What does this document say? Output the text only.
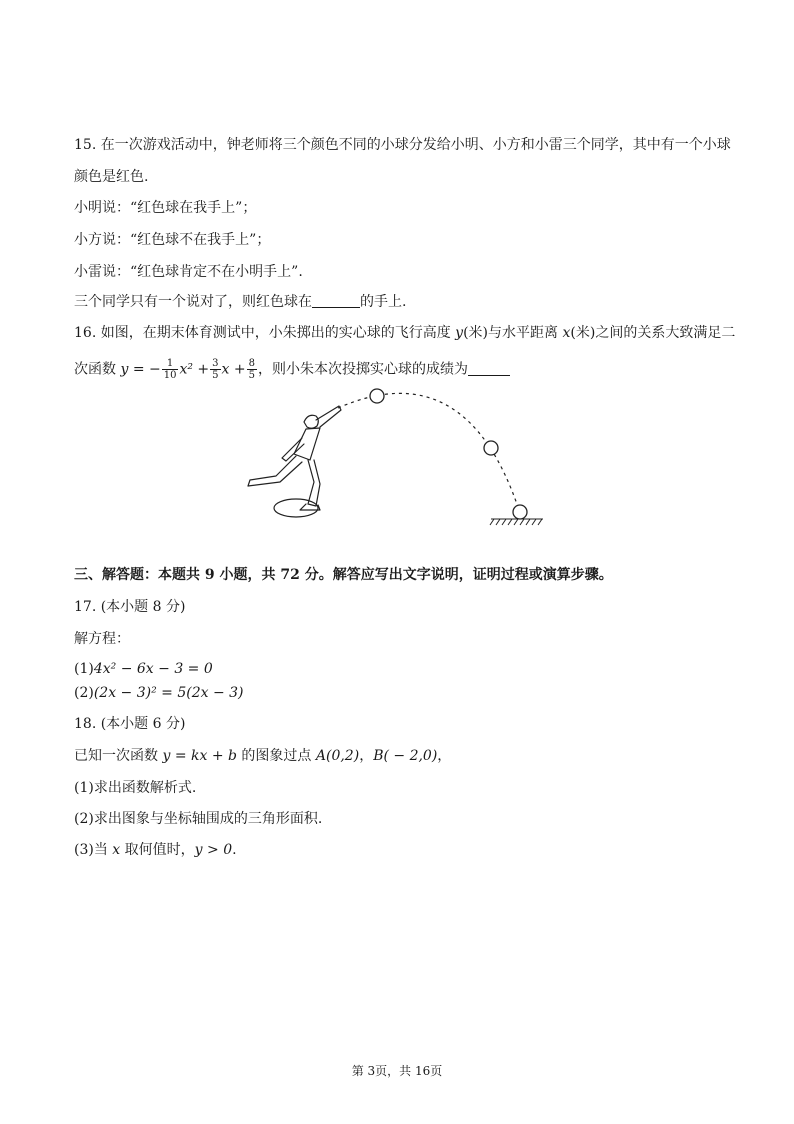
15. 在一次游戏活动中，钟老师将三个颜色不同的小球分发给小明、小方和小雷三个同学，其中有一个小球
颜色是红色.
小明说：“红色球在我手上”；
小方说：“红色球不在我手上”；
小雷说：“红色球肯定不在小明手上”.
三个同学只有一个说对了，则红色球在	的手上.
16. 如图，在期末体育测试中，小朱掷出的实心球的飞行高度 y(米)与水平距离 x(米)之间的关系大致满足二
次函数 y = − $\frac{1}{10} x^2 + \frac{3}{5}$ $x + \frac{8}{5}$ ，则小朱本次投掷实心球的成绩为
三、解答题：本题共 9 小题，共 72 分。解答应写出文字说明，证明过程或演算步骤。
17. (本小题 8 分)
解方程：
(1)4x² − 6x − 3 = 0
(2)(2x − 3)² = 5(2x − 3)
18. (本小题 6 分)
已知一次函数 y = kx + b 的图象过点 A(0,2)，B( − 2,0)，
(1)求出函数解析式.
(2)求出图象与坐标轴围成的三角形面积.
(3)当 x 取何值时，y > 0.
第 3页，共 16页
